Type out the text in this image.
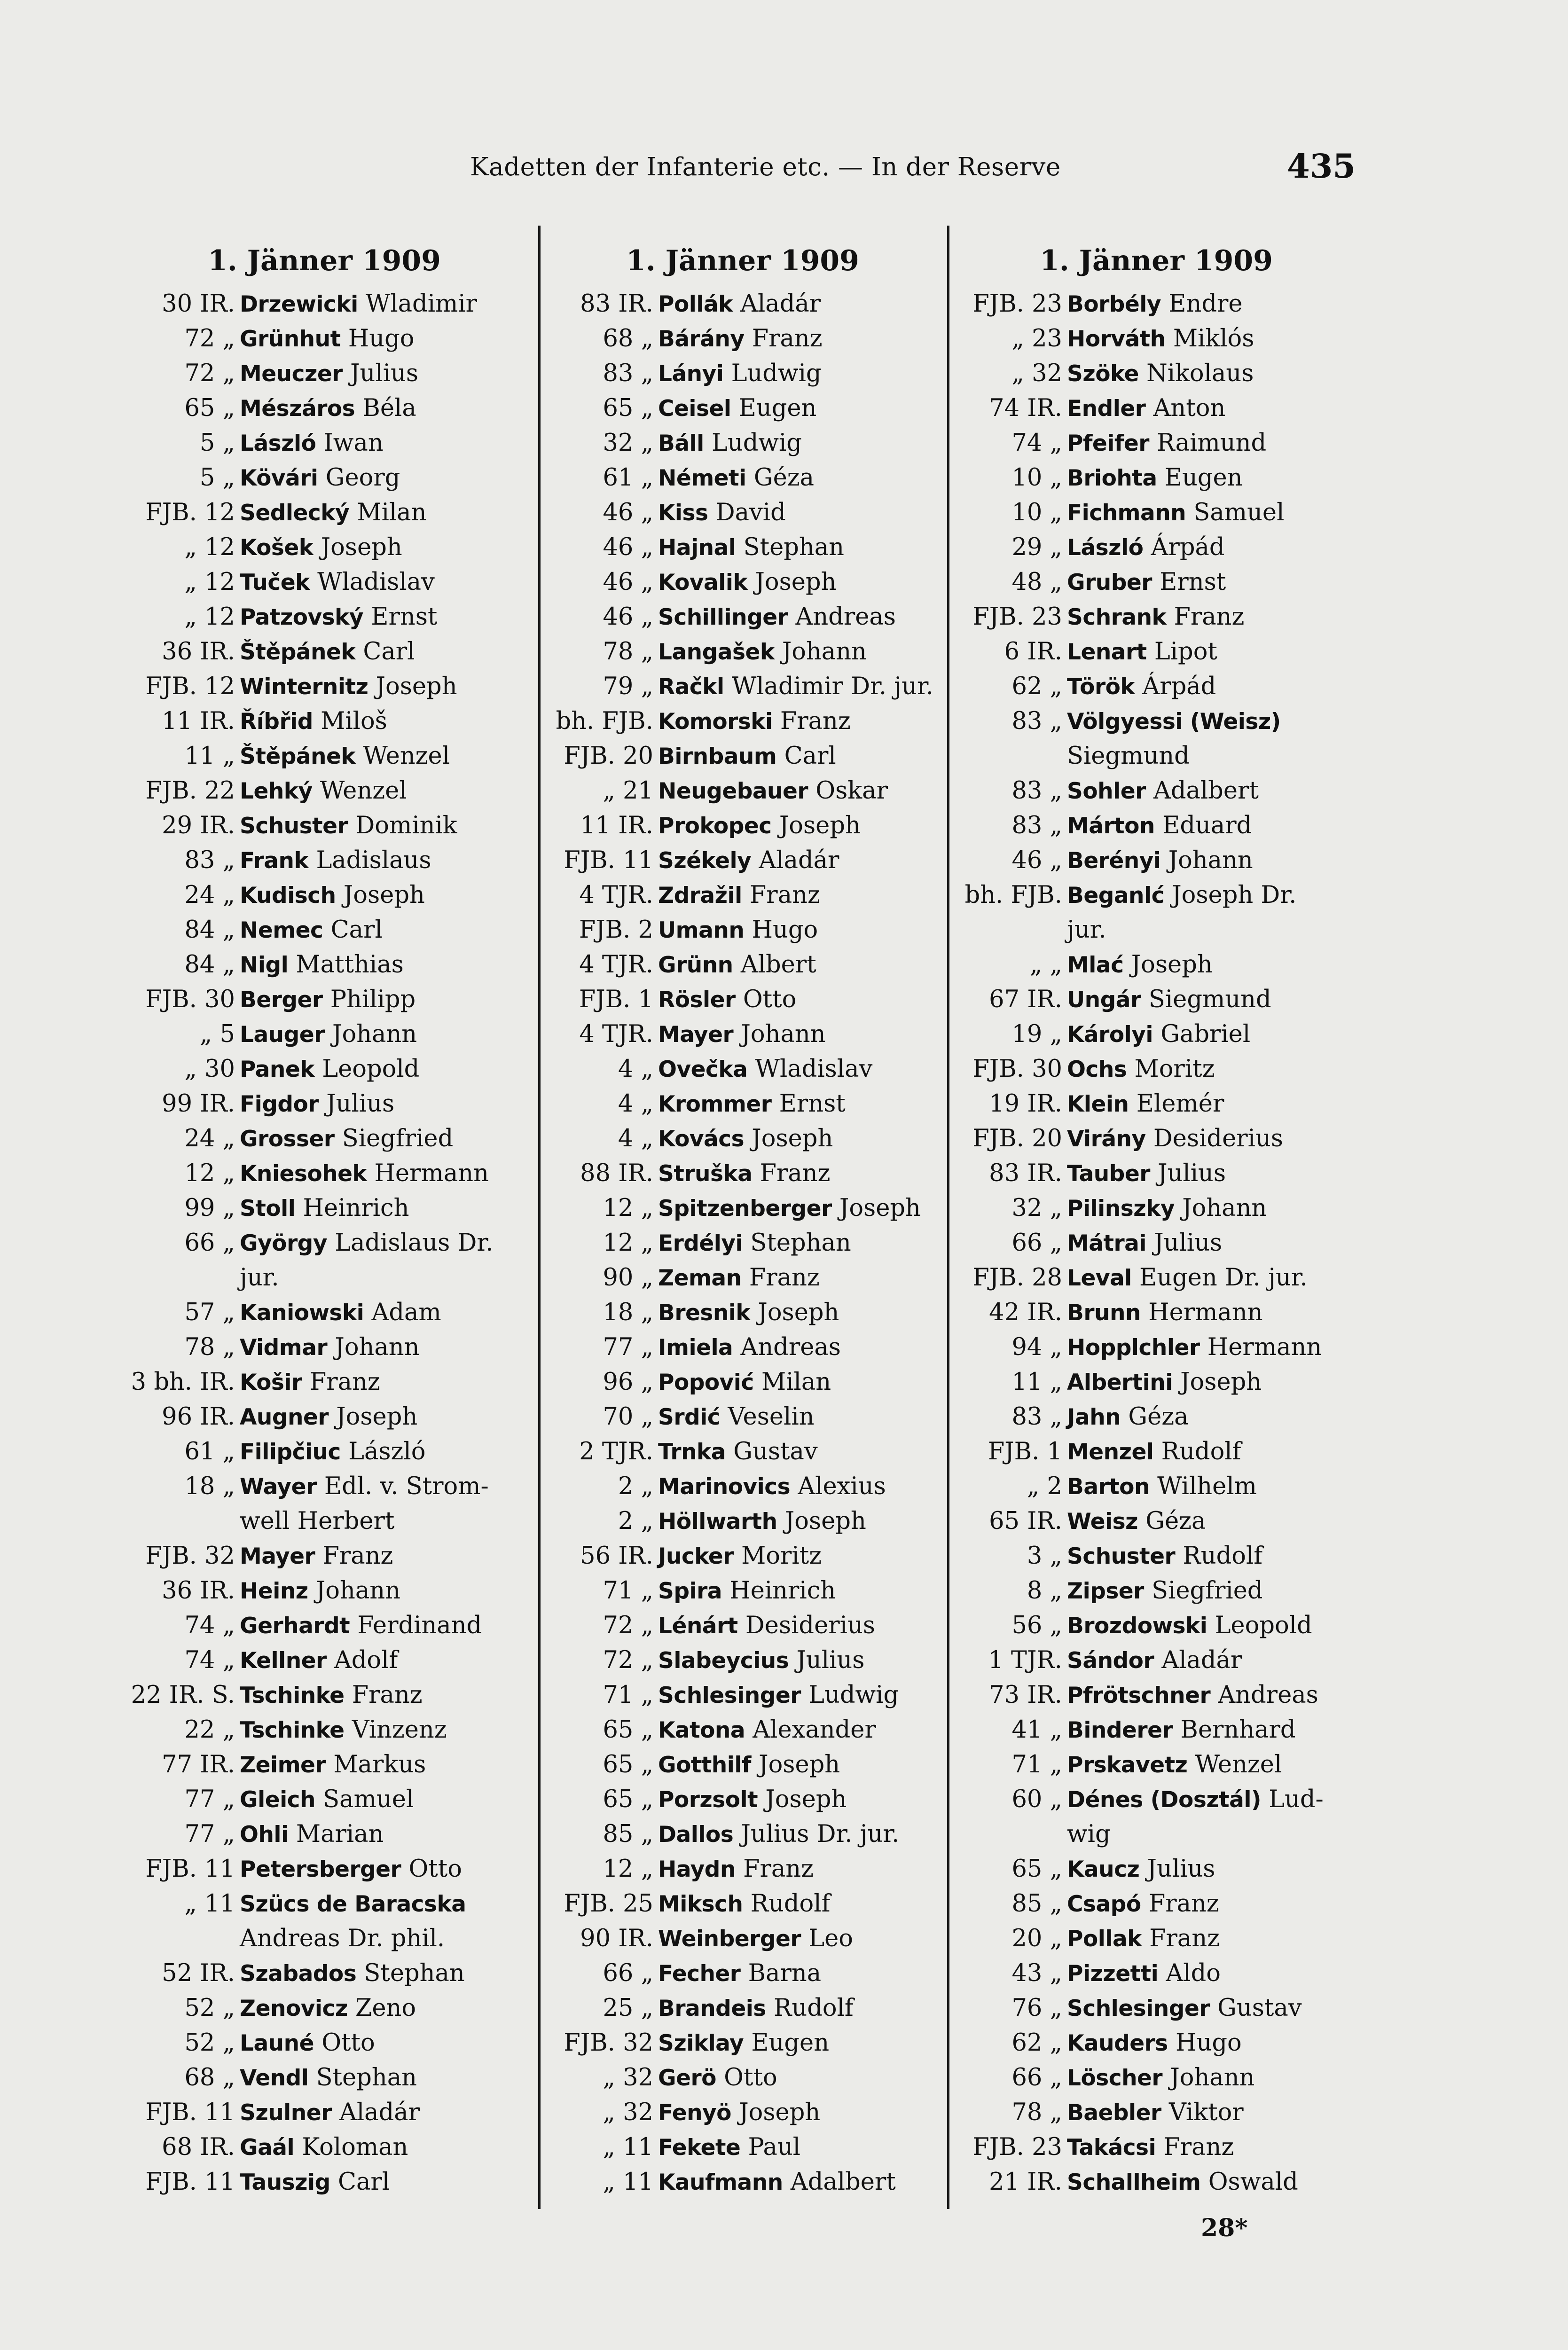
Kadetten der Infanterie etc. — In der Reserve	435
1. Jänner 1909
30 IR. Drzewicki Wladimir
72 „ Grünhut Hugo
72 „ Meuczer Julius
65 „ Mészáros Béla
5 „ László Iwan
5 „ Kövári Georg
FJB. 12 Sedlecký Milan
„ 12 Košek Joseph
„ 12 Tuček Wladislav
„ 12 Patzovský Ernst
36 IR. Štěpánek Carl
FJB. 12 Winternitz Joseph
11 IR. Říbřid Miloš
11 „ Štěpánek Wenzel
FJB. 22 Lehký Wenzel
29 IR. Schuster Dominik
83 „ Frank Ladislaus
24 „ Kudisch Joseph
84 „ Nemec Carl
84 „ Nigl Matthias
FJB. 30 Berger Philipp
„ 5 Lauger Johann
„ 30 Panek Leopold
99 IR. Figdor Julius
24 „ Grosser Siegfried
12 „ Kniesohek Hermann
99 „ Stoll Heinrich
66 „ György Ladislaus Dr.
jur.
57 „ Kaniowski Adam
78 „ Vidmar Johann
3 bh. IR. Košir Franz
96 IR. Augner Joseph
61 „ Filipčiuc László
18 „ Wayer Edl. v. Strom-
well Herbert
FJB. 32 Mayer Franz
36 IR. Heinz Johann
74 „ Gerhardt Ferdinand
74 „ Kellner Adolf
22 IR. S. Tschinke Franz
22 „ Tschinke Vinzenz
77 IR. Zeimer Markus
77 „ Gleich Samuel
77 „ Ohli Marian
FJB. 11 Petersberger Otto
„ 11 Szücs de Baracska
Andreas Dr. phil.
52 IR. Szabados Stephan
52 „ Zenovicz Zeno
52 „ Launé Otto
68 „ Vendl Stephan
FJB. 11 Szulner Aladár
68 IR. Gaál Koloman
FJB. 11 Tauszig Carl
1. Jänner 1909
83 IR. Pollák Aladár
68 „ Bárány Franz
83 „ Lányi Ludwig
65 „ Ceisel Eugen
32 „ Báll Ludwig
61 „ Németi Géza
46 „ Kiss David
46 „ Hajnal Stephan
46 „ Kovalik Joseph
46 „ Schillinger Andreas
78 „ Langašek Johann
79 „ Račkl Wladimir Dr. jur.
bh. FJB. Komorski Franz
FJB. 20 Birnbaum Carl
„ 21 Neugebauer Oskar
11 IR. Prokopec Joseph
FJB. 11 Székely Aladár
4 TJR. Zdražil Franz
FJB. 2 Umann Hugo
4 TJR. Grünn Albert
FJB. 1 Rösler Otto
4 TJR. Mayer Johann
4 „ Ovečka Wladislav
4 „ Krommer Ernst
4 „ Kovács Joseph
88 IR. Struška Franz
12 „ Spitzenberger Joseph
12 „ Erdélyi Stephan
90 „ Zeman Franz
18 „ Bresnik Joseph
77 „ Imiela Andreas
96 „ Popović Milan
70 „ Srdić Veselin
2 TJR. Trnka Gustav
2 „ Marinovics Alexius
2 „ Höllwarth Joseph
56 IR. Jucker Moritz
71 „ Spira Heinrich
72 „ Lénárt Desiderius
72 „ Slabeycius Julius
71 „ Schlesinger Ludwig
65 „ Katona Alexander
65 „ Gotthilf Joseph
65 „ Porzsolt Joseph
85 „ Dallos Julius Dr. jur.
12 „ Haydn Franz
FJB. 25 Miksch Rudolf
90 IR. Weinberger Leo
66 „ Fecher Barna
25 „ Brandeis Rudolf
FJB. 32 Sziklay Eugen
„ 32 Gerö Otto
„ 32 Fenyö Joseph
„ 11 Fekete Paul
„ 11 Kaufmann Adalbert
1. Jänner 1909
FJB. 23 Borbély Endre
„ 23 Horváth Miklós
„ 32 Szöke Nikolaus
74 IR. Endler Anton
74 „ Pfeifer Raimund
10 „ Briohta Eugen
10 „ Fichmann Samuel
29 „ László Árpád
48 „ Gruber Ernst
FJB. 23 Schrank Franz
6 IR. Lenart Lipot
62 „ Török Árpád
83 „ Völgyessi (Weisz)
Siegmund
83 „ Sohler Adalbert
83 „ Márton Eduard
46 „ Berényi Johann
bh. FJB. Beganlć Joseph Dr.
jur.
„ „ Mlać Joseph
67 IR. Ungár Siegmund
19 „ Károlyi Gabriel
FJB. 30 Ochs Moritz
19 IR. Klein Elemér
FJB. 20 Virány Desiderius
83 IR. Tauber Julius
32 „ Pilinszky Johann
66 „ Mátrai Julius
FJB. 28 Leval Eugen Dr. jur.
42 IR. Brunn Hermann
94 „ Hopplchler Hermann
11 „ Albertini Joseph
83 „ Jahn Géza
FJB. 1 Menzel Rudolf
„ 2 Barton Wilhelm
65 IR. Weisz Géza
3 „ Schuster Rudolf
8 „ Zipser Siegfried
56 „ Brozdowski Leopold
1 TJR. Sándor Aladár
73 IR. Pfrötschner Andreas
41 „ Binderer Bernhard
71 „ Prskavetz Wenzel
60 „ Dénes (Dosztál) Lud-
wig
65 „ Kaucz Julius
85 „ Csapó Franz
20 „ Pollak Franz
43 „ Pizzetti Aldo
76 „ Schlesinger Gustav
62 „ Kauders Hugo
66 „ Löscher Johann
78 „ Baebler Viktor
FJB. 23 Takácsi Franz
21 IR. Schallheim Oswald
28*
